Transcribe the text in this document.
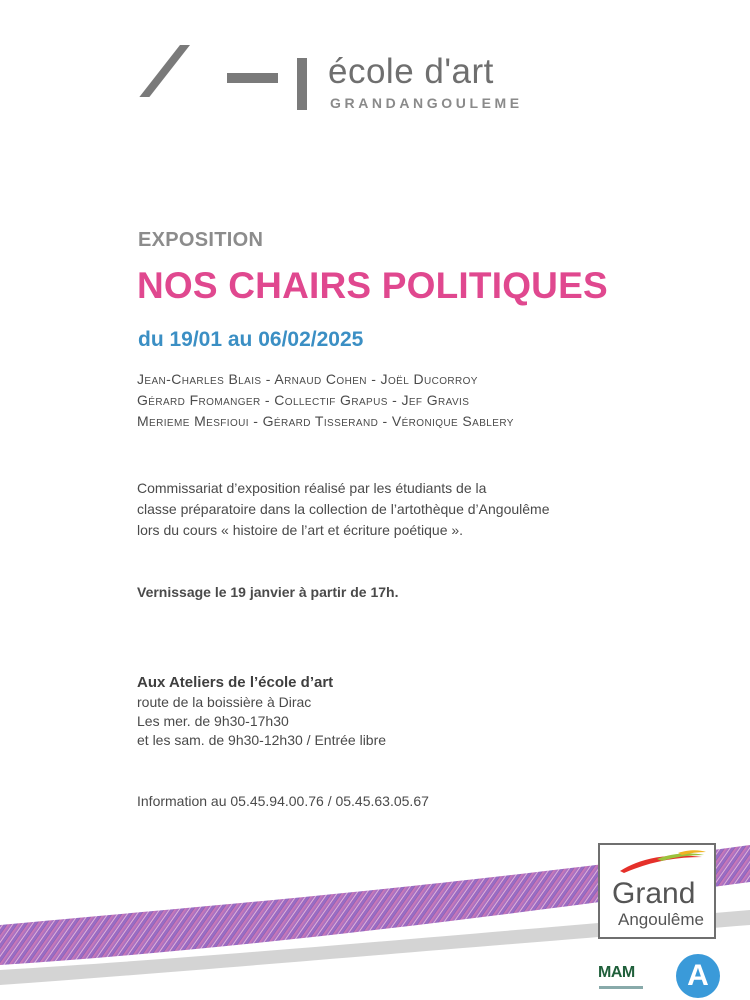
école d'art
GRANDANGOULEME
EXPOSITION
NOS CHAIRS POLITIQUES
du 19/01 au 06/02/2025
Jean-Charles Blais - Arnaud Cohen - Joël Ducorroy
Gérard Fromanger - Collectif Grapus - Jef Gravis
Merieme Mesfioui - Gérard Tisserand - Véronique Sablery
Commissariat d’exposition réalisé par les étudiants de la
classe préparatoire dans la collection de l’artothèque d’Angoulême
lors du cours « histoire de l’art et écriture poétique ».
Vernissage le 19 janvier à partir de 17h.
Aux Ateliers de l’école d’art
route de la boissière à Dirac
Les mer. de 9h30-17h30
et les sam. de 9h30-12h30 / Entrée libre
Information au 05.45.94.00.76 / 05.45.63.05.67
Grand
Angoulême
MAM	A
